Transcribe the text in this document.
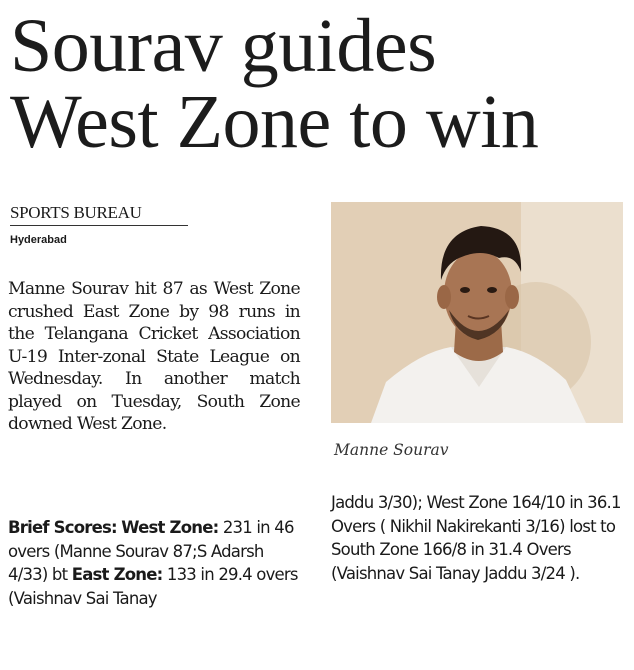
Sourav guides
West Zone to win
SPORTS BUREAU
Hyderabad

Manne Sourav hit 87 as West Zone crushed East Zone by 98 runs in the Telangana Cricket Association U-19 Inter-zonal State League on Wednesday. In another match played on Tuesday, South Zone downed West Zone.

Brief Scores: West Zone: 231 in 46 overs (Manne Sourav 87;S Adarsh 4/33) bt East Zone: 133 in 29.4 overs (Vaishnav Sai Tanay

Jaddu 3/30); West Zone 164/10 in 36.1 Overs ( Nikhil Nakirekanti 3/16) lost to South Zone 166/8 in 31.4 Overs (Vaishnav Sai Tanay Jaddu 3/24 ).

Manne Sourav
